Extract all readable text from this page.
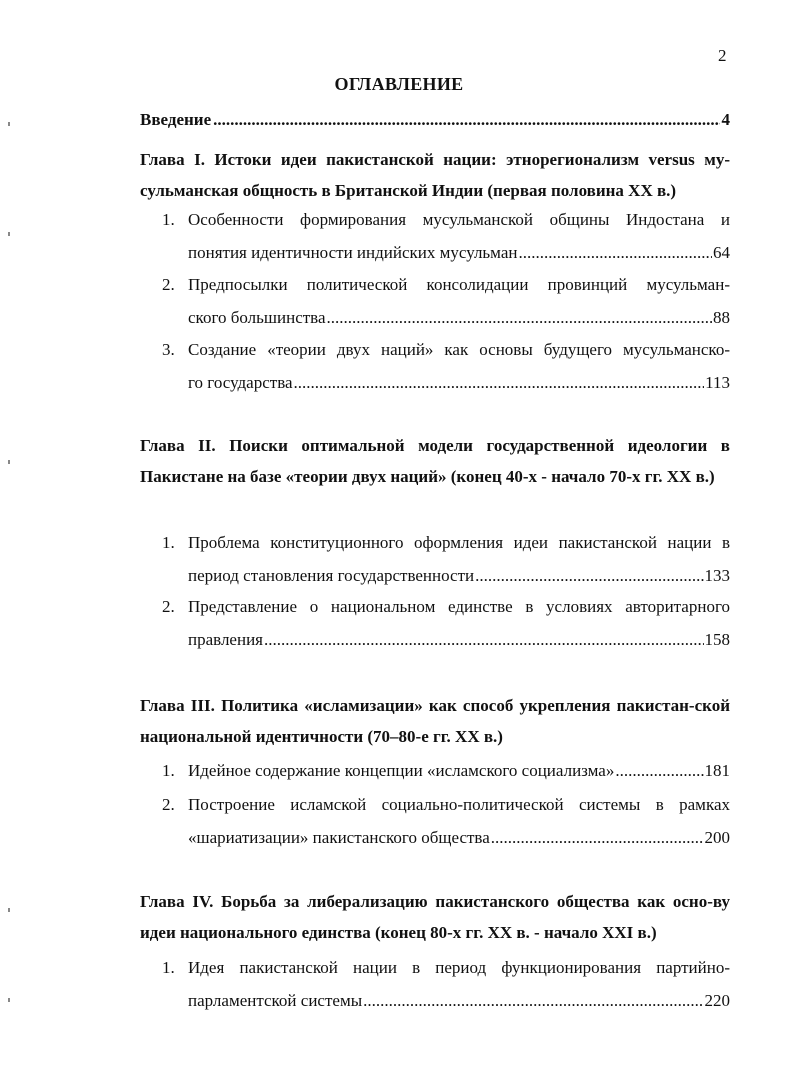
2
ОГЛАВЛЕНИЕ
Введение .....	4
Глава I. Истоки идеи пакистанской нации: этнорегионализм versus му-сульманская общность в Британской Индии (первая половина XX в.)
1. Особенности формирования мусульманской общины Индостана и
понятия идентичности индийских мусульман .....	64
2. Предпосылки политической консолидации провинций мусульман-
ского большинства .....	88
3. Создание «теории двух наций» как основы будущего мусульманско-
го государства .....	113
Глава II. Поиски оптимальной модели государственной идеологии в Пакистане на базе «теории двух наций» (конец 40-х - начало 70-х гг. XX в.)
1. Проблема конституционного оформления идеи пакистанской нации в
период становления государственности .....	133
2. Представление о национальном единстве в условиях авторитарного
правления .....	158
Глава III. Политика «исламизации» как способ укрепления пакистан-ской национальной идентичности (70–80-е гг. XX в.)
1. Идейное содержание концепции «исламского социализма» .....	181
2. Построение исламской социально-политической системы в рамках
«шариатизации» пакистанского общества .....	200
Глава IV. Борьба за либерализацию пакистанского общества как осно-ву идеи национального единства (конец 80-х гг. XX в. - начало XXI в.)
1. Идея пакистанской нации в период функционирования партийно-
парламентской системы .....	220
